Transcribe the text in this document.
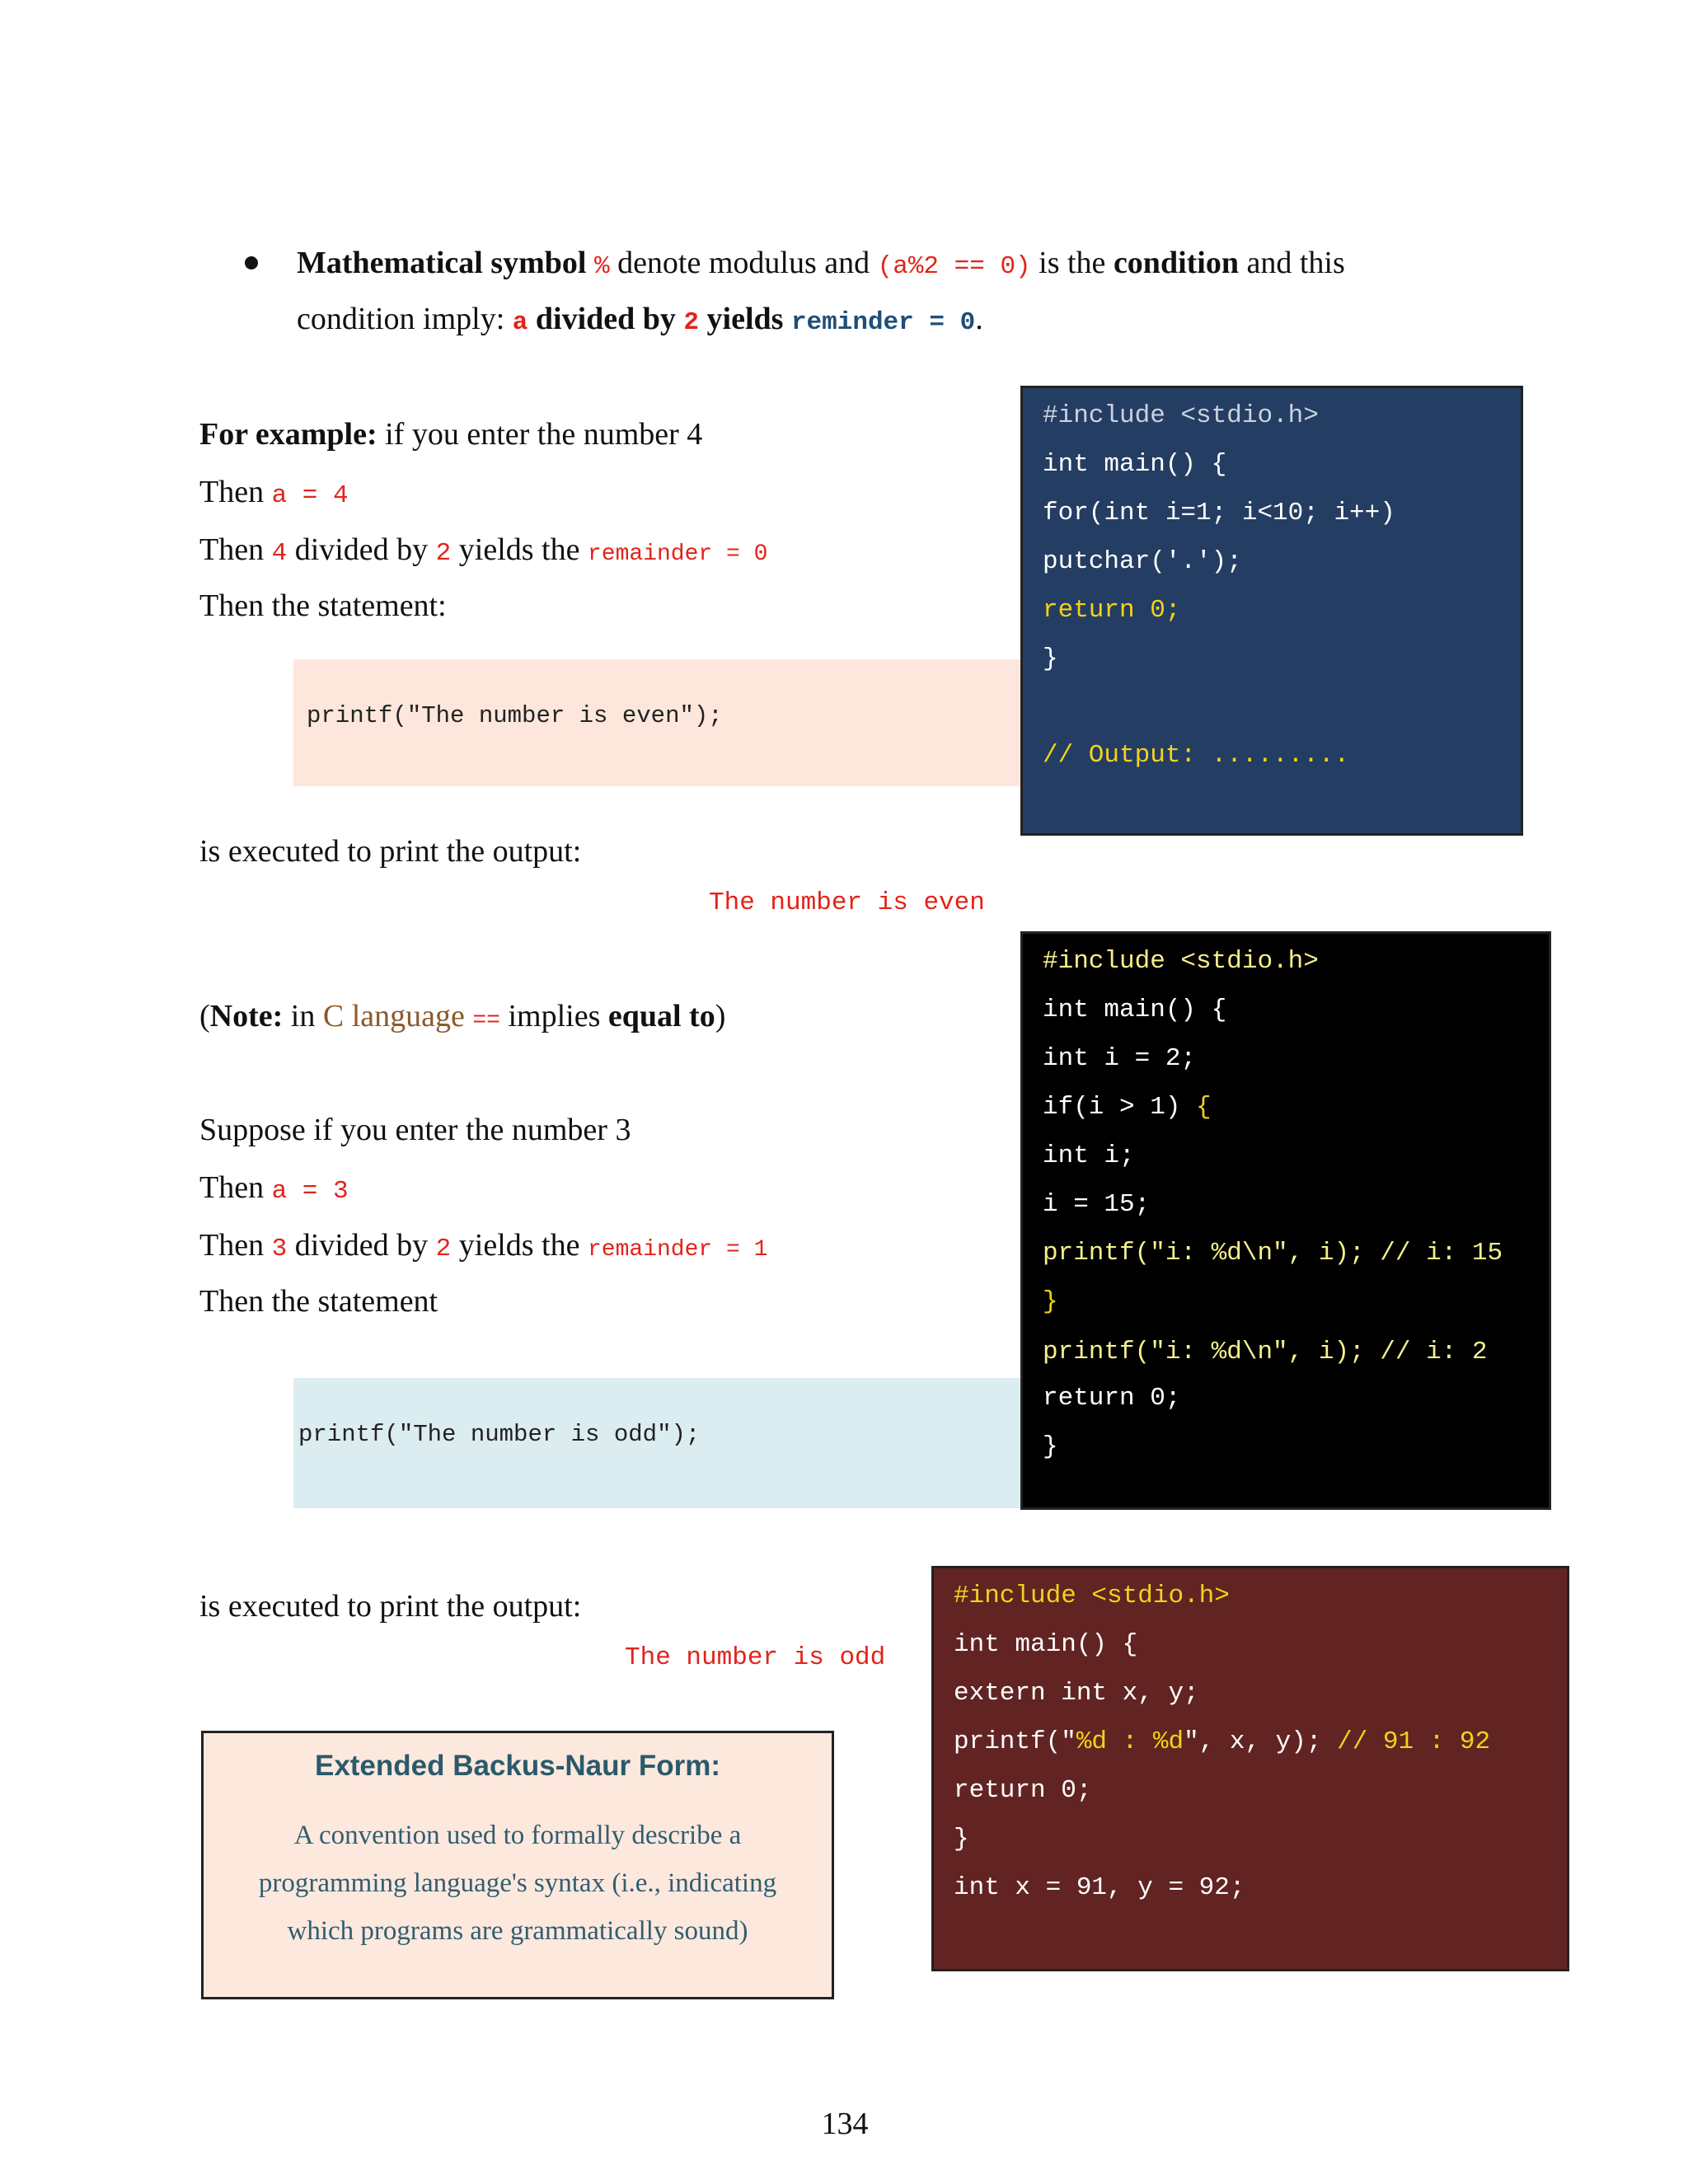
Mathematical symbol % denote modulus and (a%2 == 0) is the condition and this
condition imply: a divided by 2 yields reminder = 0.
For example: if you enter the number 4
Then a = 4
Then 4 divided by 2 yields the remainder = 0
Then the statement:
printf("The number is even");
is executed to print the output:
The number is even
(Note: in C language == implies equal to)
Suppose if you enter the number 3
Then a = 3
Then 3 divided by 2 yields the remainder = 1
Then the statement
printf("The number is odd");
is executed to print the output:
The number is odd
#include <stdio.h>
int main() {
for(int i=1; i<10; i++)
putchar('.');
return 0;
}
// Output: .........
#include <stdio.h>
int main() {
int i = 2;
if(i > 1) {
int i;
i = 15;
printf("i: %d\n", i); // i: 15
}
printf("i: %d\n", i); // i: 2
return 0;
}
#include <stdio.h>
int main() {
extern int x, y;
printf("%d : %d", x, y); // 91 : 92
return 0;
}
int x = 91, y = 92;
Extended Backus-Naur Form:
A convention used to formally describe a
programming language's syntax (i.e., indicating
which programs are grammatically sound)
134
